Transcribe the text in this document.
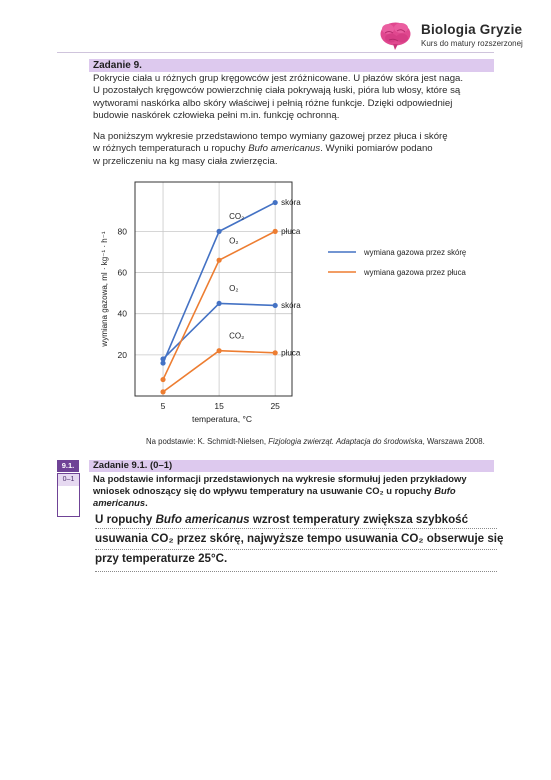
Biologia Gryzie
Kurs do matury rozszerzonej
Zadanie 9.
Pokrycie ciała u różnych grup kręgowców jest zróżnicowane. U płazów skóra jest naga.
U pozostałych kręgowców powierzchnię ciała pokrywają łuski, pióra lub włosy, które są
wytworami naskórka albo skóry właściwej i pełnią różne funkcje. Dzięki odpowiedniej
budowie naskórek człowieka pełni m.in. funkcję ochronną.
Na poniższym wykresie przedstawiono tempo wymiany gazowej przez płuca i skórę
w różnych temperaturach u ropuchy Bufo americanus. Wyniki pomiarów podano
w przeliczeniu na kg masy ciała zwierzęcia.
20
40
60
80
5	15	25
temperatura, °C
wymiana gazowa, ml · kg⁻¹ · h⁻¹
skóra
skóra
płuca
płuca
CO₂
O₂
O₂
CO₂
wymiana gazowa przez skórę
wymiana gazowa przez płuca
Na podstawie: K. Schmidt-Nielsen, Fizjologia zwierząt. Adaptacja do środowiska, Warszawa 2008.
9.1.
0–1
Zadanie 9.1. (0–1)
Na podstawie informacji przedstawionych na wykresie sformułuj jeden przykładowy
wniosek odnoszący się do wpływu temperatury na usuwanie CO₂ u ropuchy Bufo
americanus.
U ropuchy Bufo americanus wzrost temperatury zwiększa szybkość
usuwania CO₂ przez skórę, najwyższe tempo usuwania CO₂ obserwuje się
przy temperaturze 25°C.
